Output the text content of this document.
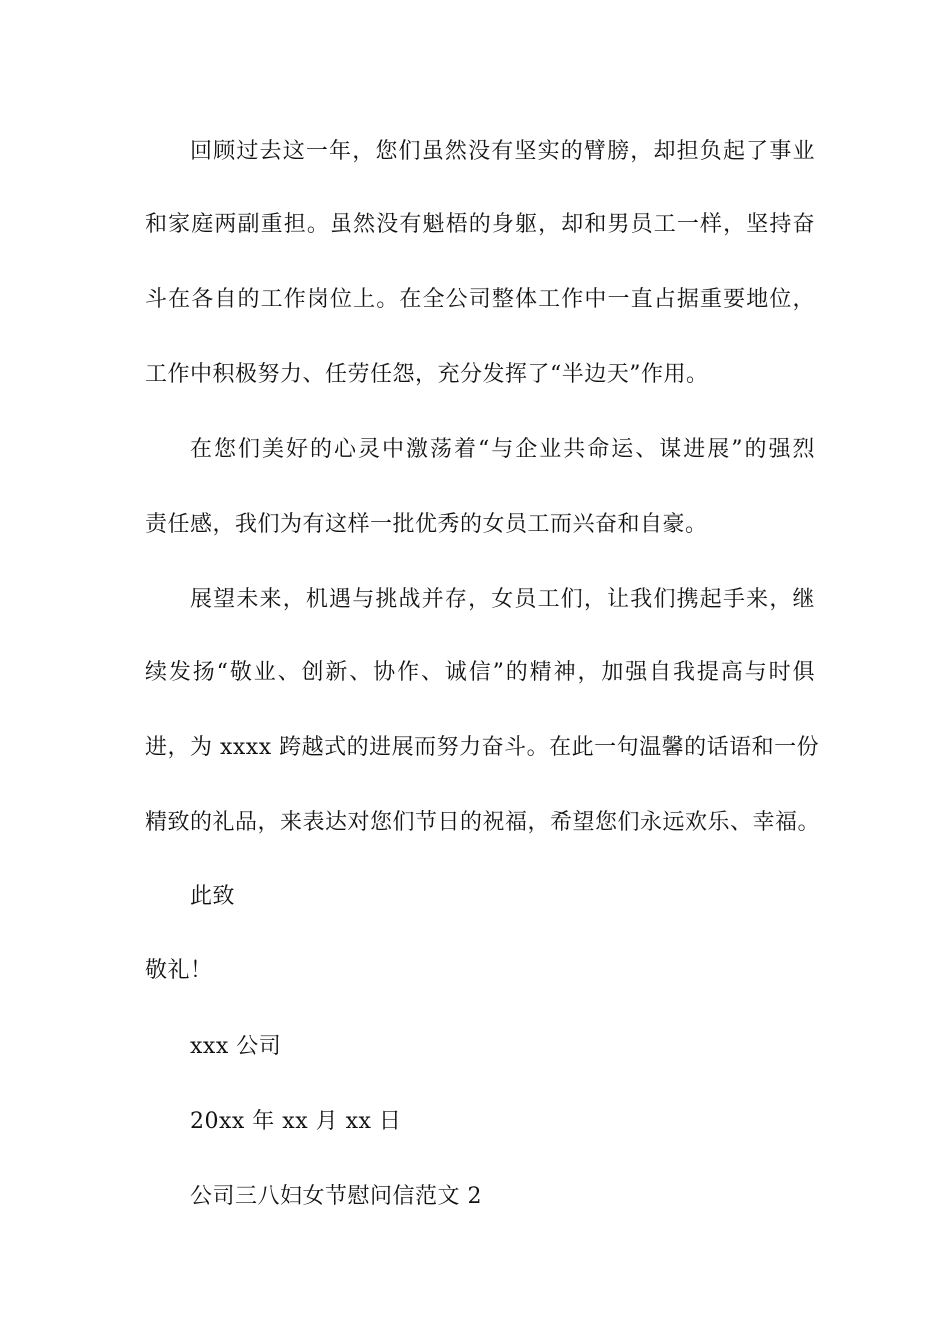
回顾过去这一年，您们虽然没有坚实的臂膀，却担负起了事业
和家庭两副重担。虽然没有魁梧的身躯，却和男员工一样，坚持奋
斗在各自的工作岗位上。在全公司整体工作中一直占据重要地位，
工作中积极努力、任劳任怨，充分发挥了“半边天”作用。
在您们美好的心灵中激荡着“与企业共命运、谋进展”的强烈
责任感，我们为有这样一批优秀的女员工而兴奋和自豪。
展望未来，机遇与挑战并存，女员工们，让我们携起手来，继
续发扬“敬业、创新、协作、诚信”的精神，加强自我提高与时俱
进，为 xxxx 跨越式的进展而努力奋斗。在此一句温馨的话语和一份
精致的礼品，来表达对您们节日的祝福，希望您们永远欢乐、幸福。
此致
敬礼！
xxx 公司
20xx 年 xx 月 xx 日
公司三八妇女节慰问信范文 2
